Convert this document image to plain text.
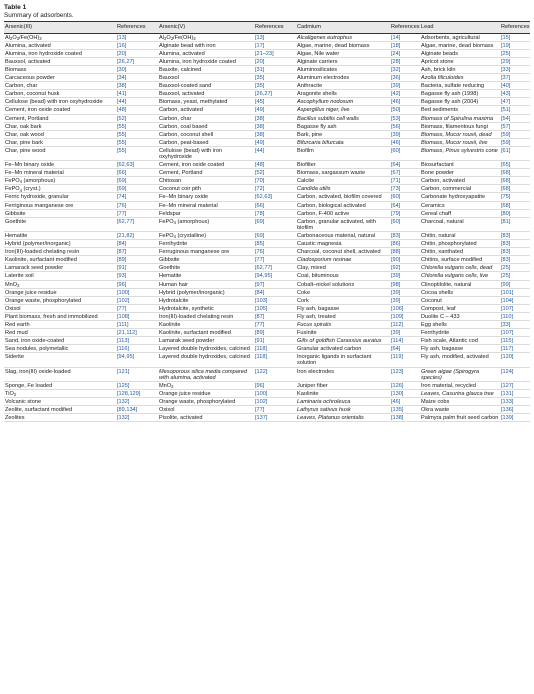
Table 1
Summary of adsorbents.
Arsenic(III)	References	Arsenic(V)	References	Cadmium	References	Lead	References
$Al_2O_3/Fe(OH)_3$	[13]	$Al_2O_3/Fe(OH)_3$	[13]	Alcaligenes eutrophus	[14]	Adsorbents, agricultural	[15]
Alumina, activated	[16]	Alginate bead with iron	[17]	Algae, marine, dead biomass	[18]	Algae, marine, dead biomass	[19]
Alumina, iron hydroxide coated	[20]	Alumina, activated	[21–23]	Algae, Nile water	[24]	Alginate beads	[25]
Bauxsol, activated	[26,27]	Alumina, iron hydroxide coated	[20]	Alginate carriers	[28]	Apricot stone	[29]
Biomass	[30]	Bauxite, calcined	[31]	Aluminosilicates	[32]	Ash, brick kiln	[33]
Carcaceous powder	[34]	Bauxsol	[35]	Aluminum electrodes	[36]	Azolla filiculoides	[37]
Carbon, char	[38]	Bauxsol-coated sand	[35]	Anthracite	[39]	Bacteria, sulfate reducing	[40]
Carbon, coconut husk	[41]	Bauxsol, activated	[26,27]	Aragonite shells	[42]	Bagasse fly ash (1998)	[43]
Cellulose (bead) with iron oxyhydroxide	[44]	Biomass, yeast, methylated	[45]	Ascophyllum nodosum	[46]	Bagasse fly ash (2004)	[47]
Cement, iron oxide coated	[48]	Carbon, activated	[49]	Aspergillus niger, live	[50]	Bed sediments	[51]
Cement, Portland	[52]	Carbon, char	[38]	Bacillus subtilis cell walls	[53]	Biomass of Spirulina maxima	[54]
Char, oak bark	[55]	Carbon, coal based	[38]	Bagasse fly ash	[56]	Biomass, filamentous fungi	[57]
Char, oak wood	[55]	Carbon, coconut shell	[38]	Bark, pine	[39]	Biomass, Mucor rouxii, dead	[59]
Char, pine bark	[55]	Carbon, peat-based	[49]	Bifurcaria bifurcata	[46]	Biomass, Mucor rouxii, live	[59]
Char, pine wood	[55]	Cellulose (bead) with iron oxyhydroxide	[44]	Biofilm	[60]	Biomass, Pinus sylvestris cone	[61]
Fe–Mn binary oxide	[62,63]	Cement, iron oxide coated	[48]	Biofilter	[64]	Biosurfactant	[65]
Fe–Mn mineral material	[66]	Cement, Portland	[52]	Biomass, sargassum waste	[67]	Bone powder	[68]
FePO$_4$ (amorphous)	[69]	Chitosan	[70]	Calcite	[71]	Carbon, activated	[68]
FePO$_4$ (cryst.)	[69]	Coconut coir pith	[72]	Candida utilis	[73]	Carbon, commercial	[68]
Ferric hydroxide, granular	[74]	Fe–Mn binary oxide	[62,63]	Carbon, activated, biofilm covered	[60]	Carbonate hydroxyapatite	[75]
Ferriginous manganese ore	[76]	Fe–Mn mineral material	[66]	Carbon, biological activated	[64]	Ceramics	[68]
Gibbsite	[77]	Feldspar	[78]	Carbon, F-400 active	[79]	Cereal chaff	[80]
Goethite	[62,77]	FePO$_4$ (amorphous)	[69]	Carbon, granular activated, with biofilm	[60]	Charcoal, natural	[81]
Hematite	[21,82]	FePO$_4$ (crystalline)	[69]	Carbonaceous material, natural	[83]	Chitin, natural	[83]
Hybrid (polymer/inorganic)	[84]	Ferrihydrite	[85]	Caustic magnesia	[86]	Chitin, phosphorylated	[83]
Iron(III)-loaded chelating resin	[87]	Ferruginous manganese ore	[76]	Charcoal, coconut shell, activated	[88]	Chitin, xanthated	[83]
Kaolinite, surfactant modified	[89]	Gibbsite	[77]	Cladosporium resinae	[90]	Chitins, surface modified	[83]
Lamarack seed powder	[91]	Goethite	[62,77]	Clay, mixed	[92]	Chlorella vulgaris cells, dead	[25]
Laterite soil	[93]	Hematite	[94,95]	Coal, bituminous	[39]	Chlorella vulgaris cells, live	[25]
MnO$_2$	[96]	Human hair	[97]	Cobalt–nickel solutions	[98]	Clinoptilolite, natural	[99]
Orange juice residue	[100]	Hybrid (polymer/inorganic)	[84]	Coke	[39]	Cocoa shells	[101]
Orange waste, phosphorylated	[102]	Hydrotalcite	[103]	Cork	[39]	Coconut	[104]
Oxisol	[77]	Hydrotalcite, synthetic	[105]	Fly ash, bagasse	[106]	Compost, leaf	[107]
Plant biomass, fresh and immobilized	[108]	Iron(III)-loaded chelating resin	[87]	Fly ash, treated	[109]	Duolite C – 433	[110]
Red earth	[111]	Kaolinite	[77]	Fucus spiralis	[112]	Egg shells	[33]
Red mud	[21,112]	Kaolinite, surfactant modified	[89]	Fusinite	[39]	Ferrihydrite	[107]
Sand, iron oxide-coated	[113]	Lamarak seed powder	[91]	Gills of goldfish Carassius auratus	[114]	Fish scale, Atlantic cod	[115]
Sea nodules, polymetallic	[116]	Layered double hydroxides, calcined	[118]	Granular activated carbon	[64]	Fly ash, bagasse	[117]
Siderite	[94,95]	Layered double hydroxides, calcined	[118]	Inorganic ligands in surfactant solution	[119]	Fly ash, modified, activated	[120]
Slag, iron(III) oxide-loaded	[121]	Mesoporous silica media compared with alumina, activated	[122]	Iron electrodes	[123]	Green algae (Spirogyra species)	[124]
Sponge, Fe loaded	[125]	MnO$_2$	[96]	Juniper fiber	[126]	Iron material, recycled	[127]
TiO$_2$	[128,129]	Orange juice residue	[100]	Kaolinite	[130]	Leaves, Casurina glauca tree	[131]
Volcanic stone	[132]	Orange waste, phosphorylated	[102]	Laminaria ochroleuca	[46]	Maize cobs	[133]
Zeolite, surfactant modified	[89,134]	Oxisol	[77]	Lathyrus sativus husk	[135]	Okra waste	[136]
Zeolites	[132]	Pisolite, activated	[137]	Leaves, Platanus orientalis	[138]	Palmyra palm fruit seed carbon	[139]
